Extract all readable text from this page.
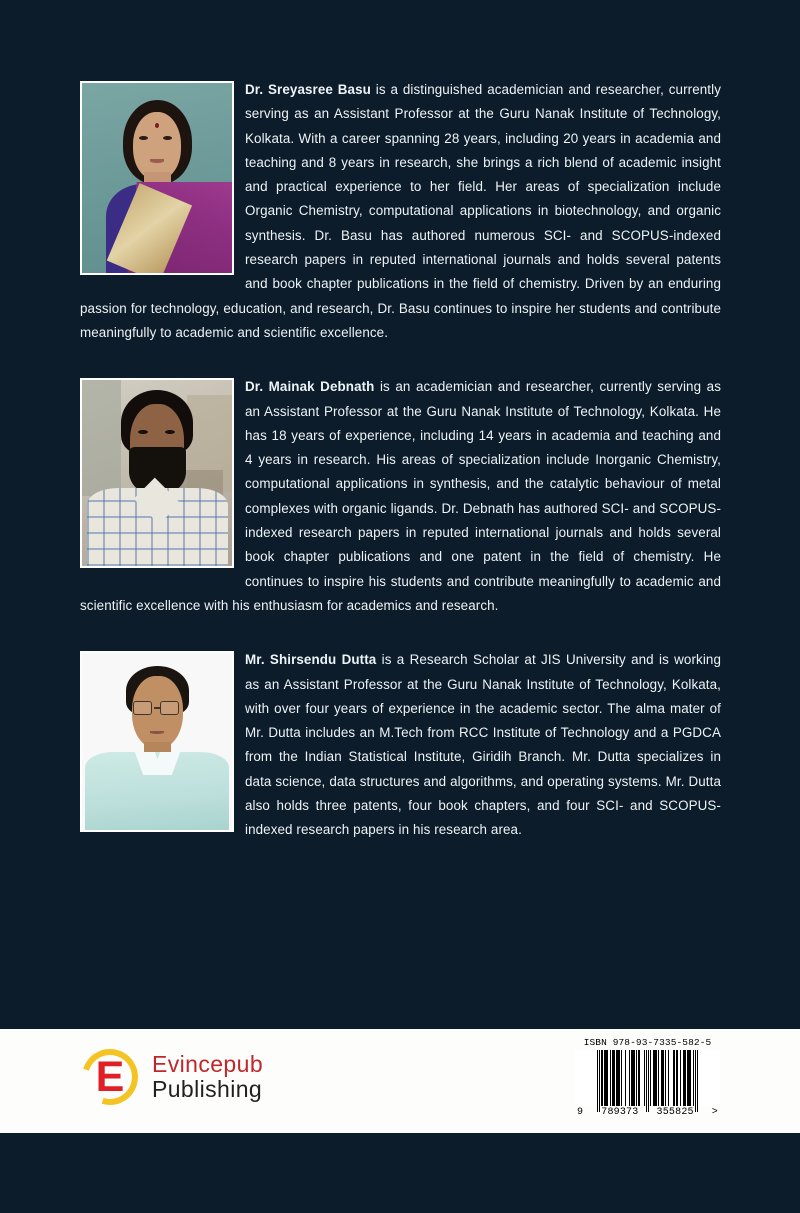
Dr. Sreyasree Basu is a distinguished academician and researcher, currently serving as an Assistant Professor at the Guru Nanak Institute of Technology, Kolkata. With a career spanning 28 years, including 20 years in academia and teaching and 8 years in research, she brings a rich blend of academic insight and practical experience to her field. Her areas of specialization include Organic Chemistry, computational applications in biotechnology, and organic synthesis. Dr. Basu has authored numerous SCI- and SCOPUS-indexed research papers in reputed international journals and holds several patents and book chapter publications in the field of chemistry. Driven by an enduring passion for technology, education, and research, Dr. Basu continues to inspire her students and contribute meaningfully to academic and scientific excellence.
Dr. Mainak Debnath is an academician and researcher, currently serving as an Assistant Professor at the Guru Nanak Institute of Technology, Kolkata. He has 18 years of experience, including 14 years in academia and teaching and 4 years in research. His areas of specialization include Inorganic Chemistry, computational applications in synthesis, and the catalytic behaviour of metal complexes with organic ligands. Dr. Debnath has authored SCI- and SCOPUS-indexed research papers in reputed international journals and holds several book chapter publications and one patent in the field of chemistry. He continues to inspire his students and contribute meaningfully to academic and scientific excellence with his enthusiasm for academics and research.
Mr. Shirsendu Dutta is a Research Scholar at JIS University and is working as an Assistant Professor at the Guru Nanak Institute of Technology, Kolkata, with over four years of experience in the academic sector. The alma mater of Mr. Dutta includes an M.Tech from RCC Institute of Technology and a PGDCA from the Indian Statistical Institute, Giridih Branch. Mr. Dutta specializes in data science, data structures and algorithms, and operating systems. Mr. Dutta also holds three patents, four book chapters, and four SCI- and SCOPUS-indexed research papers in his research area.
E	Evincepub
Publishing
ISBN 978-93-7335-582-5
9 789373 355825 >
